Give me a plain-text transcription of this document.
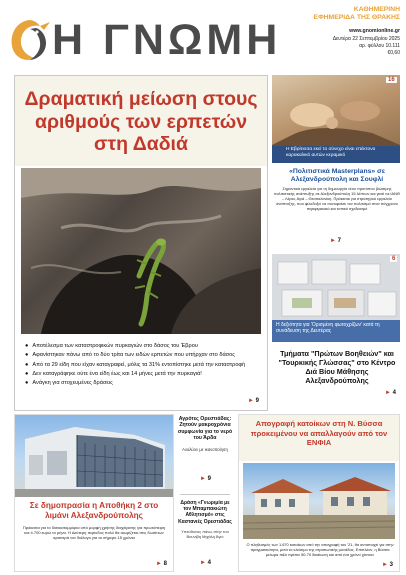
Η ΓΝΩΜΗ
ΚΑΘΗΜΕΡΙΝΗ
ΕΦΗΜΕΡΙΔΑ ΤΗΣ ΘΡΑΚΗΣ
www.gnomionline.gr
Δευτέρα 22 Σεπτεμβρίου 2025
αρ. φύλλου 10.111
€0,60
Δραματική μείωση στους αριθμούς των ερπετών στη Δαδιά
● Αποτέλεσμα των καταστροφικών πυρκαγιών στο δάσος του Έβρου
● Αφανίστηκαν πάνω από το δύο τρίτα των ειδών ερπετών που υπήρχαν στο δάσος
● Από τα 29 είδη που είχαν καταγραφεί, μόλις τα 31% εντοπίστηκε μετά την καταστροφή
● Δεν καταγράφηκε ούτε ένα είδη έως και 14 μήνες μετά την πυρκαγιά!
● Ανάγκη για στοχευμένες δράσεις
► 9
16
Η Εβρίτισσα εκεί το σύνεχο είναι επέκτονο καρακαλικό αυτών κεραμικό
«Πολιτιστικά Masterplans» σε Αλεξανδρούπολη και Σουφλί
Σημαντικά εργαλεία για τη δημιουργία νέου προτύπου βιώσιμης πολιτιστικής ανάπτυξης σε Αλεξανδρούπολη 15 λέπτων και γιατί να ΙΑΝΘ – Λέρια, Αγιά – Θεσσαλονίκη. Πρόκειται για στρατηγικό εργαλείο ανάπτυξης, που φιλοδοξεί να συνυφαίνει τον πολιτισμό στον σύγχρονο περιφερειακό και τοπικό σχεδιασμό
► 7
6
Η δεξιότητα για 'Ορισμένη φωτοχρίζων' κατά τη συνάδευση της Δευτέρας
Τμήματα "Πρώτων Βοηθειών" και "Τουρκικής Γλώσσας" στο Κέντρο Διά Βίου Μάθησης Αλεξανδρούπολης
► 4
Σε δημοπρασία η Αποθήκη 2 στο λιμάνι Αλεξανδρούπολης
Πρόκειται για το δισεκατομμύρια υπό μορφή χρήσης διαχείρισης για πρωτόπειρη και 4.700 ευρώ το μήνα. Η Δεύτερη περίοδος πολύ θα αιωρίζεται στις δωσίτιων αριστερά τον διάλογο για το σήμερο 15 χρόνια
► 8
Αγρότες Ορεστιάδας: Ζητούν μακροχρόνια συμφωνία για το νερό του Άρδα
Αναλύον με ικανοποίηση
► 9
Δράση «Γνωριμία με τον Μπαμπακιώτη Αθλητισμό» στις Καστανιές Ορεστιάδας
Υπεύθυνος πάνω στην του Βουνίβη Μιχάλη Άγιο
► 4
Απογραφή κατοίκων στη Ν. Βύσσα προκειμένου να απαλλαγούν από τον ΕΝΦΙΑ
Ο πληθυσμός των 1.670 κατοίκων από την απογραφή του '21, θα αντιστοιχεί για στην πραγματικότητα, μετά το κλείσιμο της στρατιωτικής μονάδας. Επιπλέον, η Βύσσα μείωμα πάλι πρέπει 50-70 δικαίωση και από ένα χρόνο χάνουν
► 3
